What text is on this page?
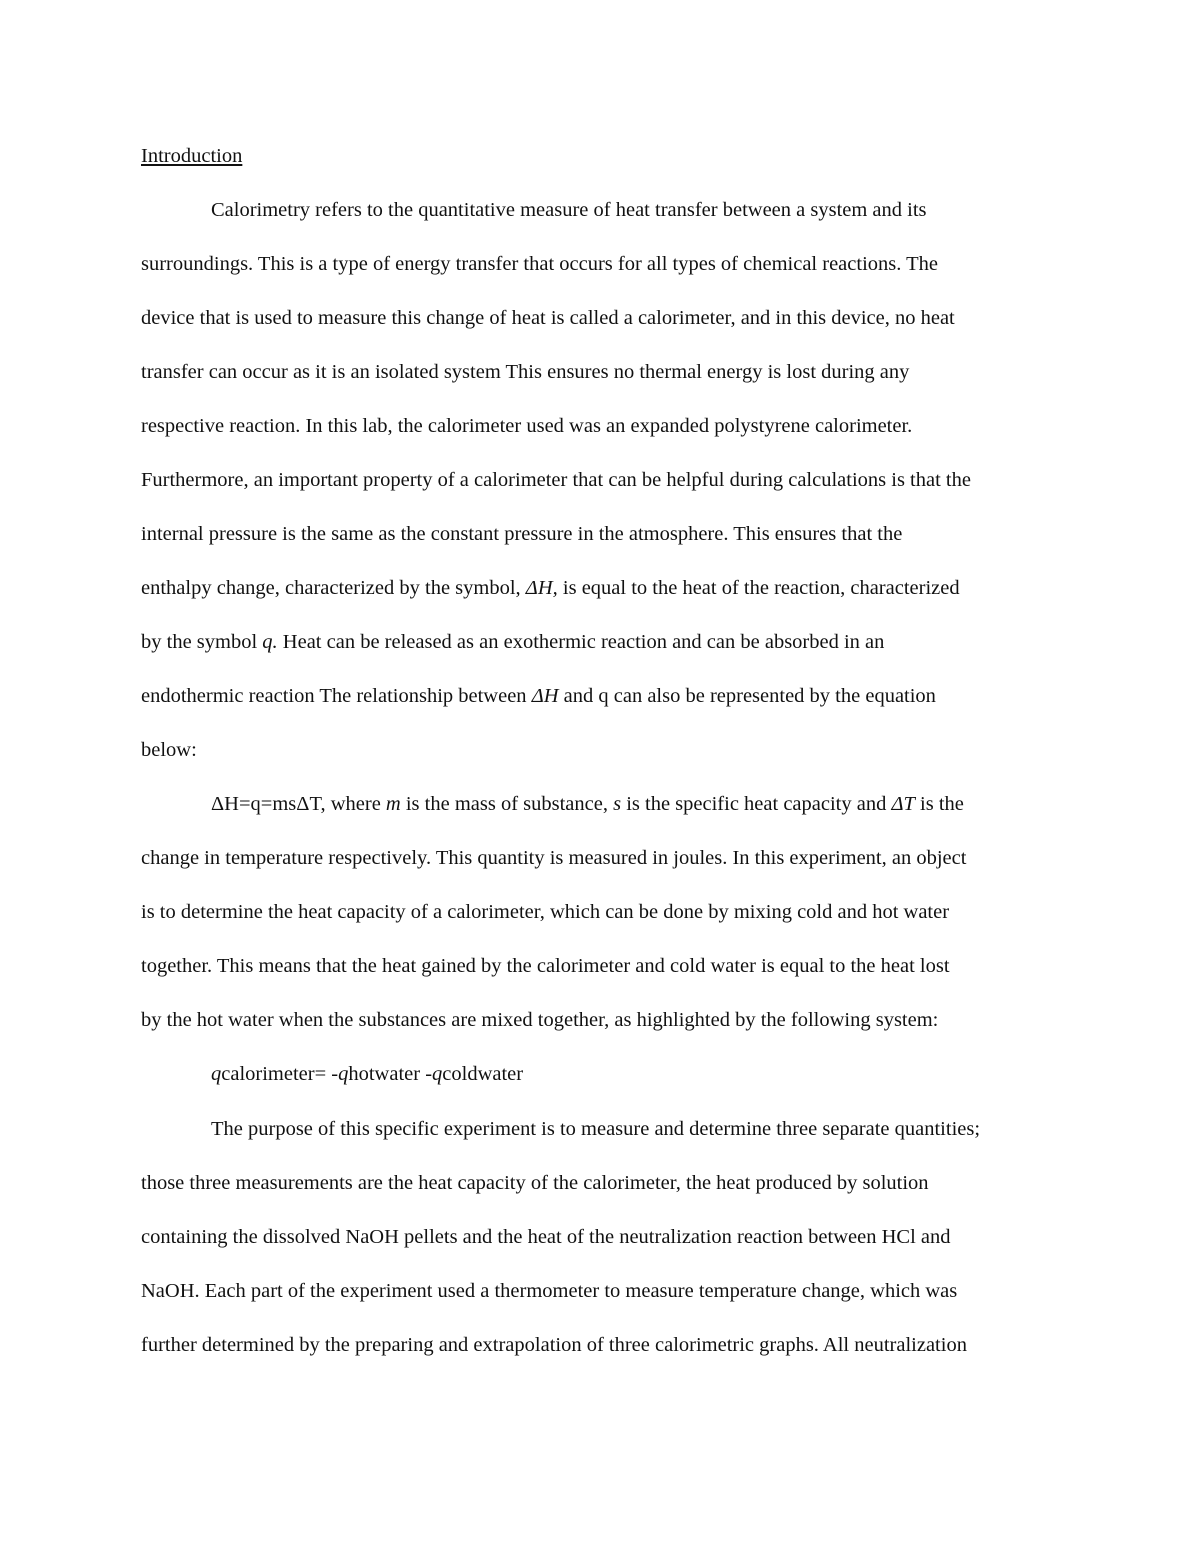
Introduction
Calorimetry refers to the quantitative measure of heat transfer between a system and its
surroundings. This is a type of energy transfer that occurs for all types of chemical reactions. The
device that is used to measure this change of heat is called a calorimeter, and in this device, no heat
transfer can occur as it is an isolated system This ensures no thermal energy is lost during any
respective reaction. In this lab, the calorimeter used was an expanded polystyrene calorimeter.
Furthermore, an important property of a calorimeter that can be helpful during calculations is that the
internal pressure is the same as the constant pressure in the atmosphere. This ensures that the
enthalpy change, characterized by the symbol, ΔH, is equal to the heat of the reaction, characterized
by the symbol q. Heat can be released as an exothermic reaction and can be absorbed in an
endothermic reaction The relationship between ΔH and q can also be represented by the equation
below:
ΔH=q=msΔT, where m is the mass of substance, s is the specific heat capacity and ΔT is the
change in temperature respectively. This quantity is measured in joules. In this experiment, an object
is to determine the heat capacity of a calorimeter, which can be done by mixing cold and hot water
together. This means that the heat gained by the calorimeter and cold water is equal to the heat lost
by the hot water when the substances are mixed together, as highlighted by the following system:
qcalorimeter= -qhotwater -qcoldwater
The purpose of this specific experiment is to measure and determine three separate quantities;
those three measurements are the heat capacity of the calorimeter, the heat produced by solution
containing the dissolved NaOH pellets and the heat of the neutralization reaction between HCl and
NaOH. Each part of the experiment used a thermometer to measure temperature change, which was
further determined by the preparing and extrapolation of three calorimetric graphs. All neutralization
